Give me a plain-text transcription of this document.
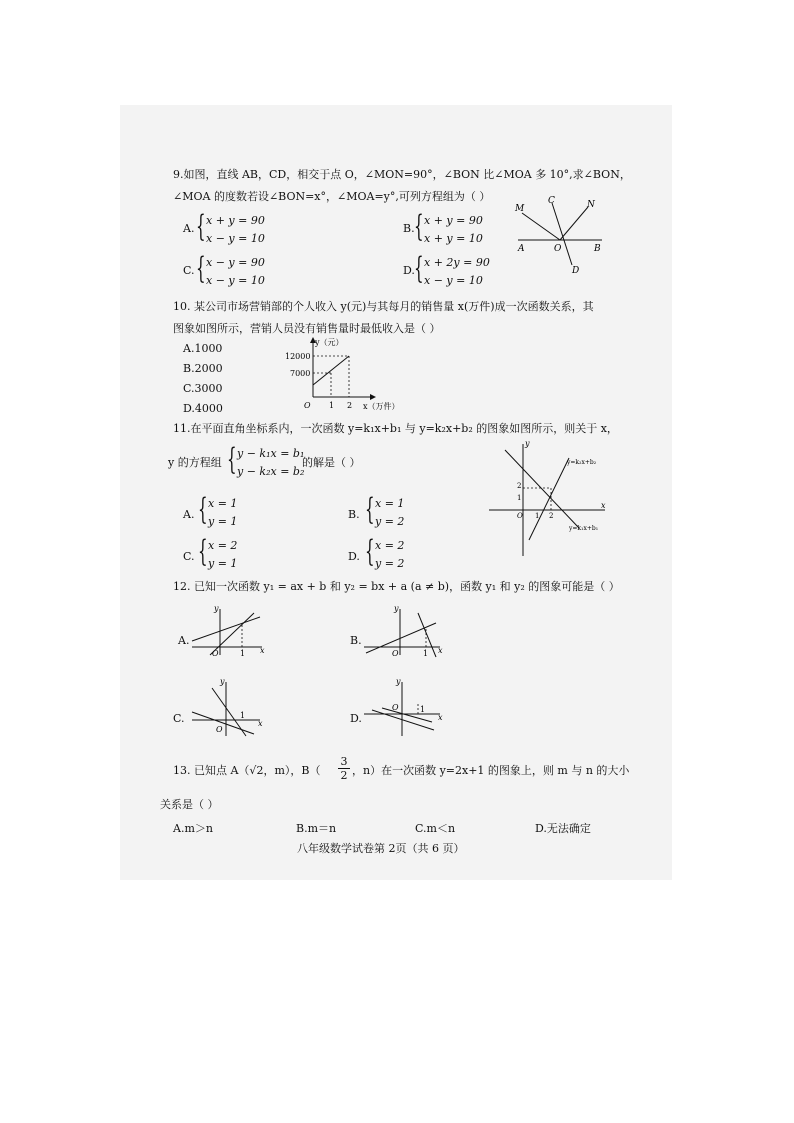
9.如图，直线 AB，CD，相交于点 O，∠MON=90°，∠BON 比∠MOA 多 10°,求∠BON，
∠MOA 的度数若设∠BON=x°，∠MOA=y°,可列方程组为（ ）
A. { x + y = 90
x − y = 10
B. { x + y = 90
x + y = 10
C. { x − y = 90
x − y = 10
D. { x + 2y = 90
x − y = 10
M
C	N
A	O	B
D
10. 某公司市场营销部的个人收入 y(元)与其每月的销售量 x(万件)成一次函数关系，其
图象如图所示，营销人员没有销售量时最低收入是（ ）
A.1000
B.2000
C.3000
D.4000
y（元）
12000
7000
O 1 2 x（万件）
11.在平面直角坐标系内，一次函数 y=k₁x+b₁ 与 y=k₂x+b₂ 的图象如图所示，则关于 x，
y 的方程组 { y − k₁x = b₁
y − k₂x = b₂
的解是（ ）
A. { x = 1
y = 1
B. { x = 1
y = 2
C. { x = 2
y = 1
D. { x = 2
y = 2
y
x
O
2
1
1 2
y=k₂x+b₂
y=k₁x+b₁
12. 已知一次函数 y₁ = ax + b 和 y₂ = bx + a (a ≠ b)，函数 y₁ 和 y₂ 的图象可能是（ ）
A.
y
x
O	1
B.
y
x
O	1
C.
y
x
O
1	D.
y
x
O	1
13. 已知点 A（√2，m），$B( \frac{3}{2}$ ，n）在一次函数 y=2x+1 的图象上，则 m 与 n 的大小
关系是（ ）
A.m＞n	B.m＝n	C.m＜n	D.无法确定
八年级数学试卷第 2页（共 6 页）
